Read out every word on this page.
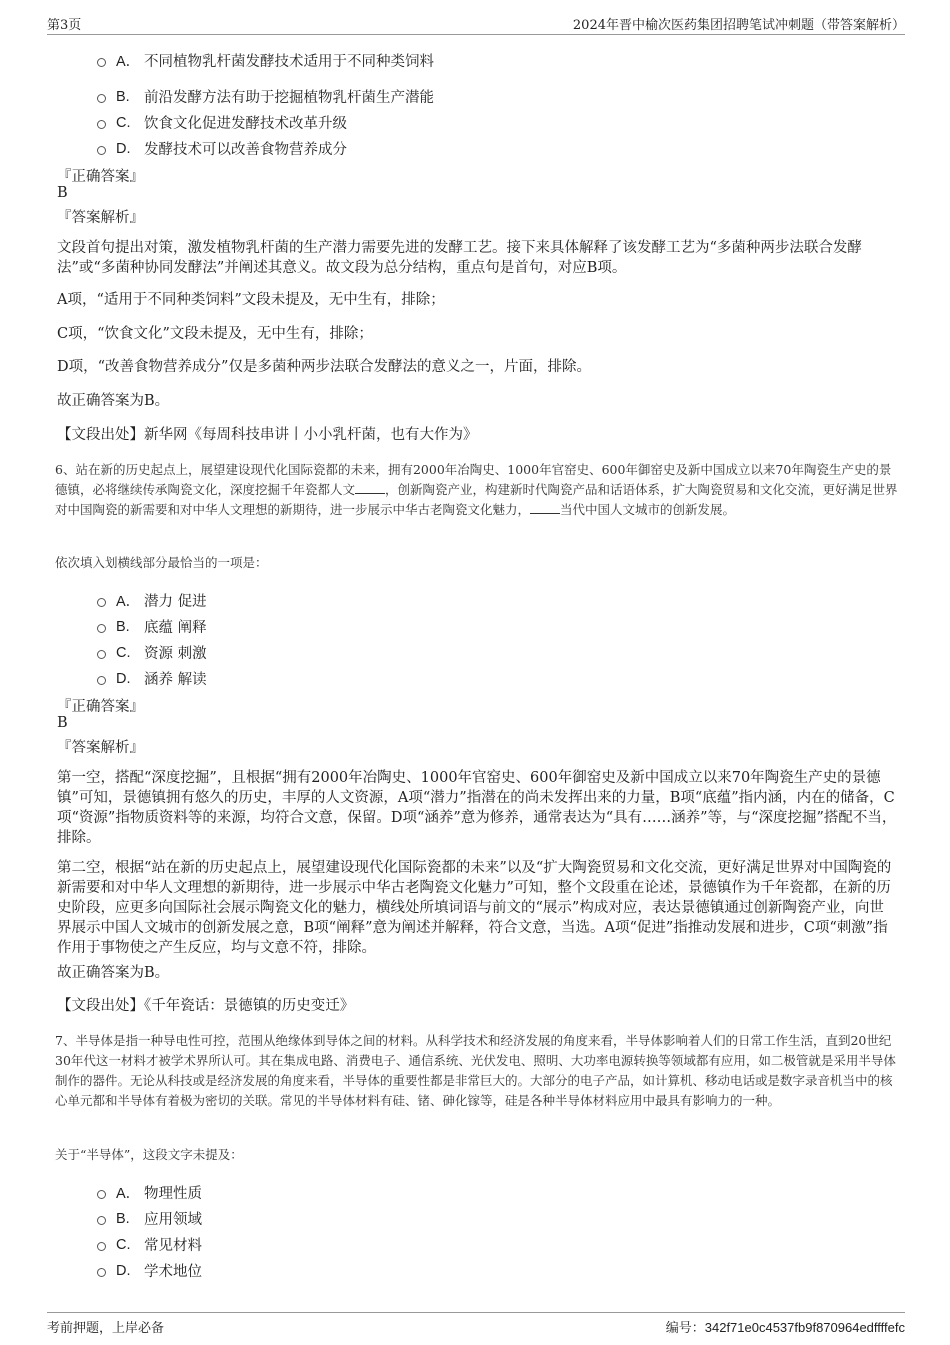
第3页	2024年晋中榆次医药集团招聘笔试冲刺题（带答案解析）
A． 不同植物乳杆菌发酵技术适用于不同种类饲料
B. 前沿发酵方法有助于挖掘植物乳杆菌生产潜能
C. 饮食文化促进发酵技术改革升级
D. 发酵技术可以改善食物营养成分
『正确答案』
B
『答案解析』
文段首句提出对策，激发植物乳杆菌的生产潜力需要先进的发酵工艺。接下来具体解释了该发酵工艺为“多菌种两步法联合发酵法”或“多菌种协同发酵法”并阐述其意义。故文段为总分结构，重点句是首句，对应B项。
A项，“适用于不同种类饲料”文段未提及，无中生有，排除；
C项，“饮食文化”文段未提及，无中生有，排除；
D项，“改善食物营养成分”仅是多菌种两步法联合发酵法的意义之一，片面，排除。
故正确答案为B。
【文段出处】新华网《每周科技串讲丨小小乳杆菌，也有大作为》
6、站在新的历史起点上，展望建设现代化国际瓷都的未来，拥有2000年冶陶史、1000年官窑史、600年御窑史及新中国成立以来70年陶瓷生产史的景德镇，必将继续传承陶瓷文化，深度挖掘千年瓷都人文 ，创新陶瓷产业，构建新时代陶瓷产品和话语体系，扩大陶瓷贸易和文化交流，更好满足世界对中国陶瓷的新需要和对中华人文理想的新期待，进一步展示中华古老陶瓷文化魅力， 当代中国人文城市的创新发展。
依次填入划横线部分最恰当的一项是：
A． 潜力 促进
B. 底蕴 阐释
C. 资源 刺激
D. 涵养 解读
『正确答案』
B
『答案解析』
第一空，搭配“深度挖掘”，且根据“拥有2000年冶陶史、1000年官窑史、600年御窑史及新中国成立以来70年陶瓷生产史的景德镇”可知，景德镇拥有悠久的历史，丰厚的人文资源，A项“潜力”指潜在的尚未发挥出来的力量，B项“底蕴”指内涵，内在的储备，C项“资源”指物质资料等的来源，均符合文意，保留。D项“涵养”意为修养，通常表达为“具有……涵养”等，与“深度挖掘”搭配不当，排除。
第二空，根据“站在新的历史起点上，展望建设现代化国际瓷都的未来”以及“扩大陶瓷贸易和文化交流，更好满足世界对中国陶瓷的新需要和对中华人文理想的新期待，进一步展示中华古老陶瓷文化魅力”可知，整个文段重在论述，景德镇作为千年瓷都，在新的历史阶段，应更多向国际社会展示陶瓷文化的魅力，横线处所填词语与前文的“展示”构成对应，表达景德镇通过创新陶瓷产业，向世界展示中国人文城市的创新发展之意，B项“阐释”意为阐述并解释，符合文意，当选。A项“促进”指推动发展和进步，C项“刺激”指作用于事物使之产生反应，均与文意不符，排除。
故正确答案为B。
【文段出处】《千年瓷话：景德镇的历史变迁》
7、半导体是指一种导电性可控，范围从绝缘体到导体之间的材料。从科学技术和经济发展的角度来看，半导体影响着人们的日常工作生活，直到20世纪30年代这一材料才被学术界所认可。其在集成电路、消费电子、通信系统、光伏发电、照明、大功率电源转换等领域都有应用，如二极管就是采用半导体制作的器件。无论从科技或是经济发展的角度来看，半导体的重要性都是非常巨大的。大部分的电子产品，如计算机、移动电话或是数字录音机当中的核心单元都和半导体有着极为密切的关联。常见的半导体材料有硅、锗、砷化镓等，硅是各种半导体材料应用中最具有影响力的一种。
关于“半导体”，这段文字未提及：
A． 物理性质
B. 应用领域
C. 常见材料
D. 学术地位
考前押题，上岸必备	编号：342f71e0c4537fb9f870964edffffefc
